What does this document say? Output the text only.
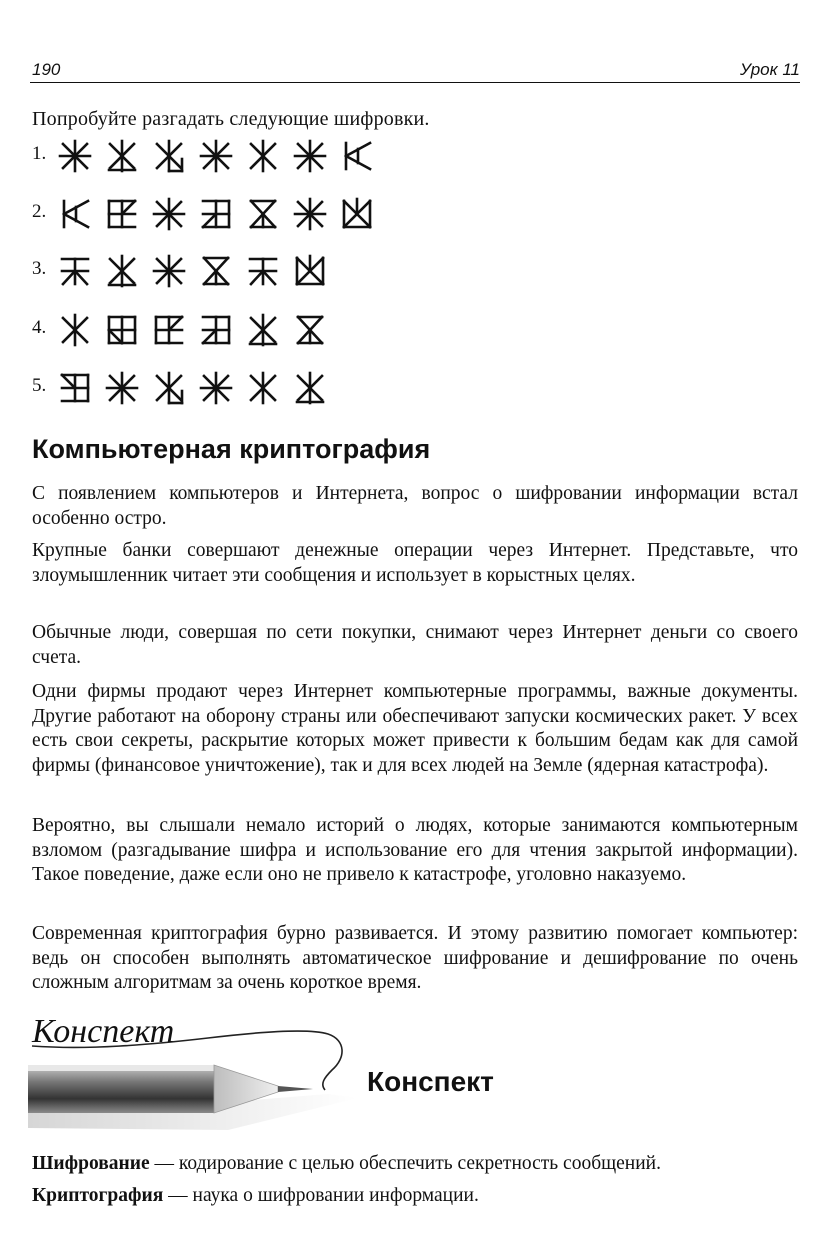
190	Урок 11
Попробуйте разгадать следующие шифровки.
1.
2.
3.
4.
5.
Компьютерная криптография
С появлением компьютеров и Интернета, вопрос о шифровании информации встал особенно остро.
Крупные банки совершают денежные операции через Интернет. Представьте, что злоумышленник читает эти сообщения и использует в корыстных целях.
Обычные люди, совершая по сети покупки, снимают через Интернет деньги со своего счета.
Одни фирмы продают через Интернет компьютерные программы, важные документы. Другие работают на оборону страны или обеспечивают запуски космических ракет. У всех есть свои секреты, раскрытие которых может привести к большим бедам как для самой фирмы (финансовое уничтожение), так и для всех людей на Земле (ядерная катастрофа).
Вероятно, вы слышали немало историй о людях, которые занимаются компьютерным взломом (разгадывание шифра и использование его для чтения закрытой информации). Такое поведение, даже если оно не привело к катастрофе, уголовно наказуемо.
Современная криптография бурно развивается. И этому развитию помогает компьютер: ведь он способен выполнять автоматическое шифрование и дешифрование по очень сложным алгоритмам за очень короткое время.
Конспект
Конспект
Шифрование — кодирование с целью обеспечить секретность сообщений.
Криптография — наука о шифровании информации.
